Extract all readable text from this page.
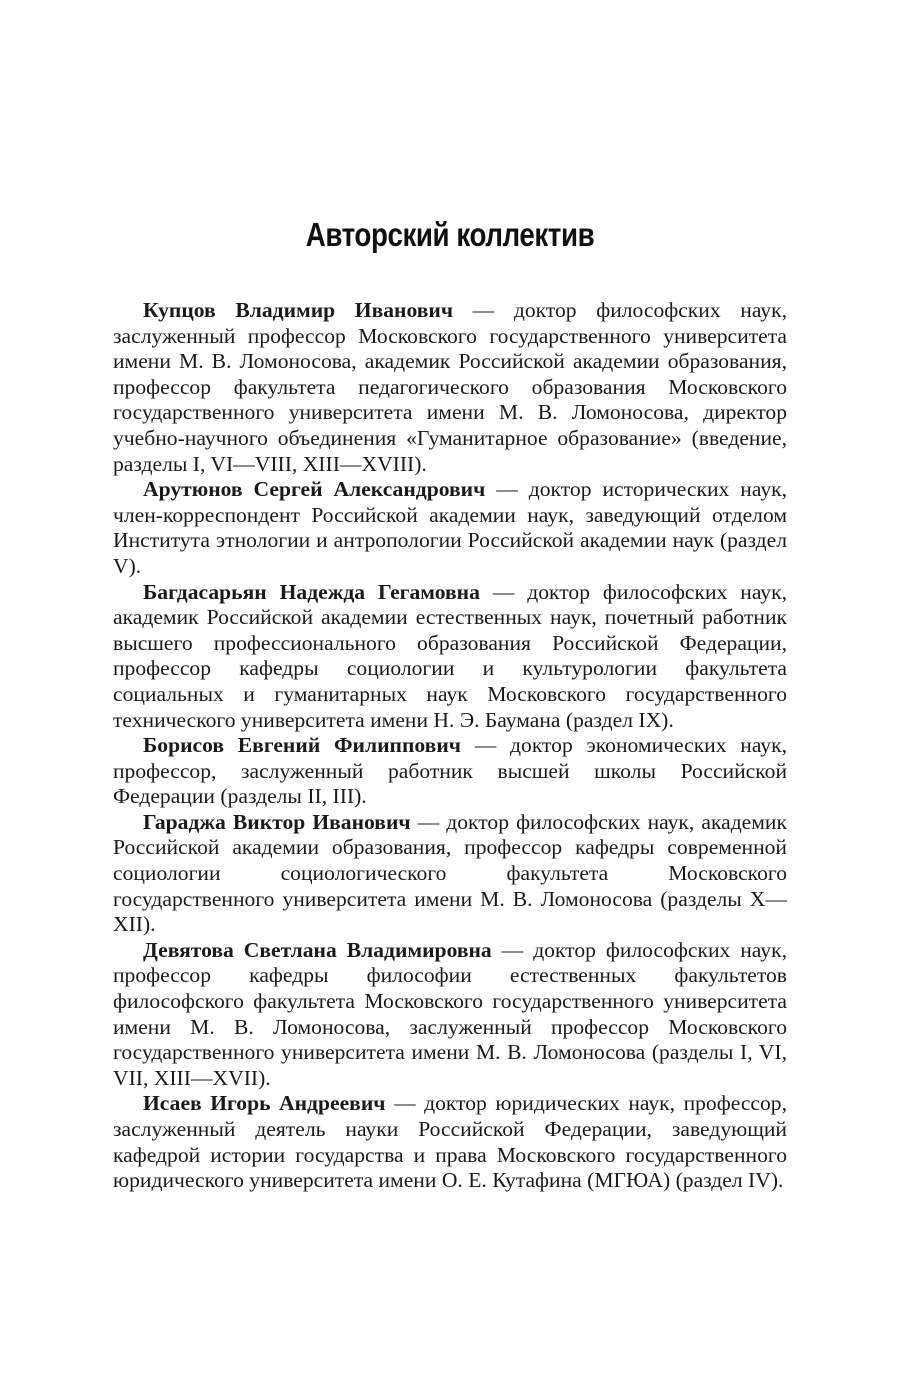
Авторский коллектив

Купцов Владимир Иванович — доктор философских наук, заслуженный профессор Московского государственного университета имени М. В. Ломоносова, академик Российской академии образования, профессор факультета педагогического образования Московского государственного университета имени М. В. Ломоносова, директор учебно-научного объединения «Гуманитарное образование» (введение, разделы I, VI—VIII, XIII—XVIII).

Арутюнов Сергей Александрович — доктор исторических наук, член-корреспондент Российской академии наук, заведующий отделом Института этнологии и антропологии Российской академии наук (раздел V).

Багдасарьян Надежда Гегамовна — доктор философских наук, академик Российской академии естественных наук, почетный работник высшего профессионального образования Российской Федерации, профессор кафедры социологии и культурологии факультета социальных и гуманитарных наук Московского государственного технического университета имени Н. Э. Баумана (раздел IX).

Борисов Евгений Филиппович — доктор экономических наук, профессор, заслуженный работник высшей школы Российской Федерации (разделы II, III).

Гараджа Виктор Иванович — доктор философских наук, академик Российской академии образования, профессор кафедры современной социологии социологического факультета Московского государственного университета имени М. В. Ломоносова (разделы X—XII).

Девятова Светлана Владимировна — доктор философских наук, профессор кафедры философии естественных факультетов философского факультета Московского государственного университета имени М. В. Ломоносова, заслуженный профессор Московского государственного университета имени М. В. Ломоносова (разделы I, VI, VII, XIII—XVII).

Исаев Игорь Андреевич — доктор юридических наук, профессор, заслуженный деятель науки Российской Федерации, заведующий кафедрой истории государства и права Московского государственного юридического университета имени О. Е. Кутафина (МГЮА) (раздел IV).
